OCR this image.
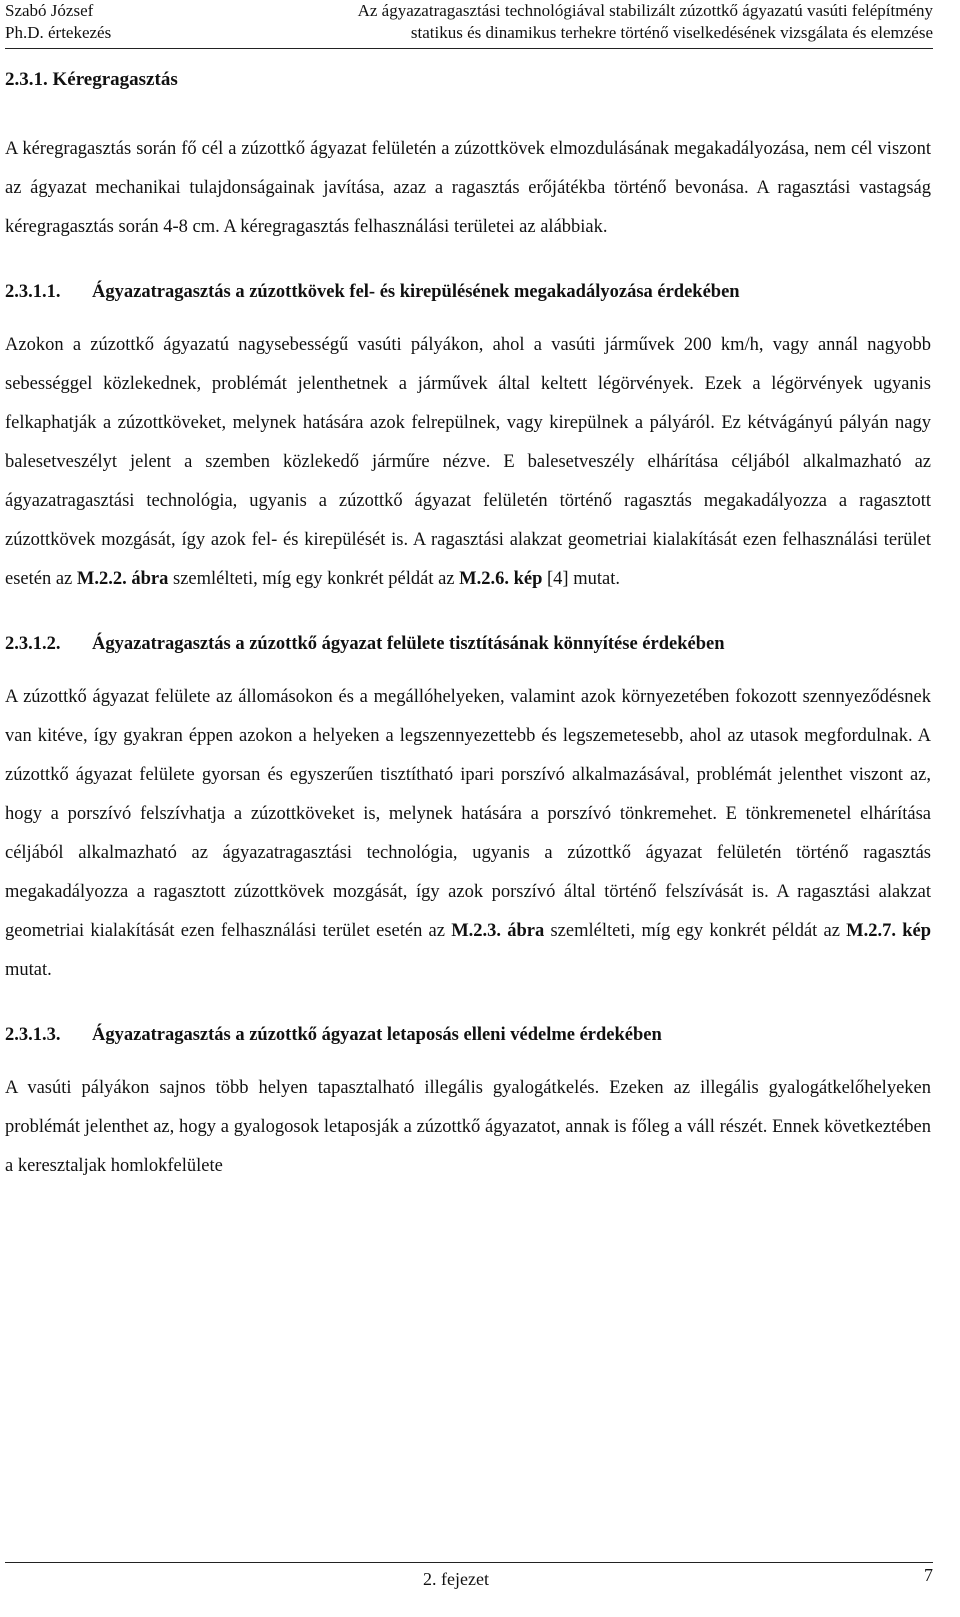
Szabó József
Ph.D. értekezés
Az ágyazatragasztási technológiával stabilizált zúzottkő ágyazatú vasúti felépítmény
statikus és dinamikus terhekre történő viselkedésének vizsgálata és elemzése
2.3.1. Kéregragasztás

A kéregragasztás során fő cél a zúzottkő ágyazat felületén a zúzottkövek elmozdulásának megakadályozása, nem cél viszont az ágyazat mechanikai tulajdonságainak javítása, azaz a ragasztás erőjátékba történő bevonása. A ragasztási vastagság kéregragasztás során 4-8 cm. A kéregragasztás felhasználási területei az alábbiak.

2.3.1.1.	Ágyazatragasztás a zúzottkövek fel- és kirepülésének megakadályozása érdekében

Azokon a zúzottkő ágyazatú nagysebességű vasúti pályákon, ahol a vasúti járművek 200 km/h, vagy annál nagyobb sebességgel közlekednek, problémát jelenthetnek a járművek által keltett légörvények. Ezek a légörvények ugyanis felkaphatják a zúzottköveket, melynek hatására azok felrepülnek, vagy kirepülnek a pályáról. Ez kétvágányú pályán nagy balesetveszélyt jelent a szemben közlekedő járműre nézve. E balesetveszély elhárítása céljából alkalmazható az ágyazatragasztási technológia, ugyanis a zúzottkő ágyazat felületén történő ragasztás megakadályozza a ragasztott zúzottkövek mozgását, így azok fel- és kirepülését is. A ragasztási alakzat geometriai kialakítását ezen felhasználási terület esetén az M.2.2. ábra szemlélteti, míg egy konkrét példát az M.2.6. kép [4] mutat.

2.3.1.2.	Ágyazatragasztás a zúzottkő ágyazat felülete tisztításának könnyítése érdekében

A zúzottkő ágyazat felülete az állomásokon és a megállóhelyeken, valamint azok környezetében fokozott szennyeződésnek van kitéve, így gyakran éppen azokon a helyeken a legszennyezettebb és legszemetesebb, ahol az utasok megfordulnak. A zúzottkő ágyazat felülete gyorsan és egyszerűen tisztítható ipari porszívó alkalmazásával, problémát jelenthet viszont az, hogy a porszívó felszívhatja a zúzottköveket is, melynek hatására a porszívó tönkremehet. E tönkremenetel elhárítása céljából alkalmazható az ágyazatragasztási technológia, ugyanis a zúzottkő ágyazat felületén történő ragasztás megakadályozza a ragasztott zúzottkövek mozgását, így azok porszívó által történő felszívását is. A ragasztási alakzat geometriai kialakítását ezen felhasználási terület esetén az M.2.3. ábra szemlélteti, míg egy konkrét példát az M.2.7. kép mutat.

2.3.1.3.	Ágyazatragasztás a zúzottkő ágyazat letaposás elleni védelme érdekében

A vasúti pályákon sajnos több helyen tapasztalható illegális gyalogátkelés. Ezeken az illegális gyalogátkelőhelyeken problémát jelenthet az, hogy a gyalogosok letaposják a zúzottkő ágyazatot, annak is főleg a váll részét. Ennek következtében a keresztaljak homlokfelülete

2. fejezet	7
